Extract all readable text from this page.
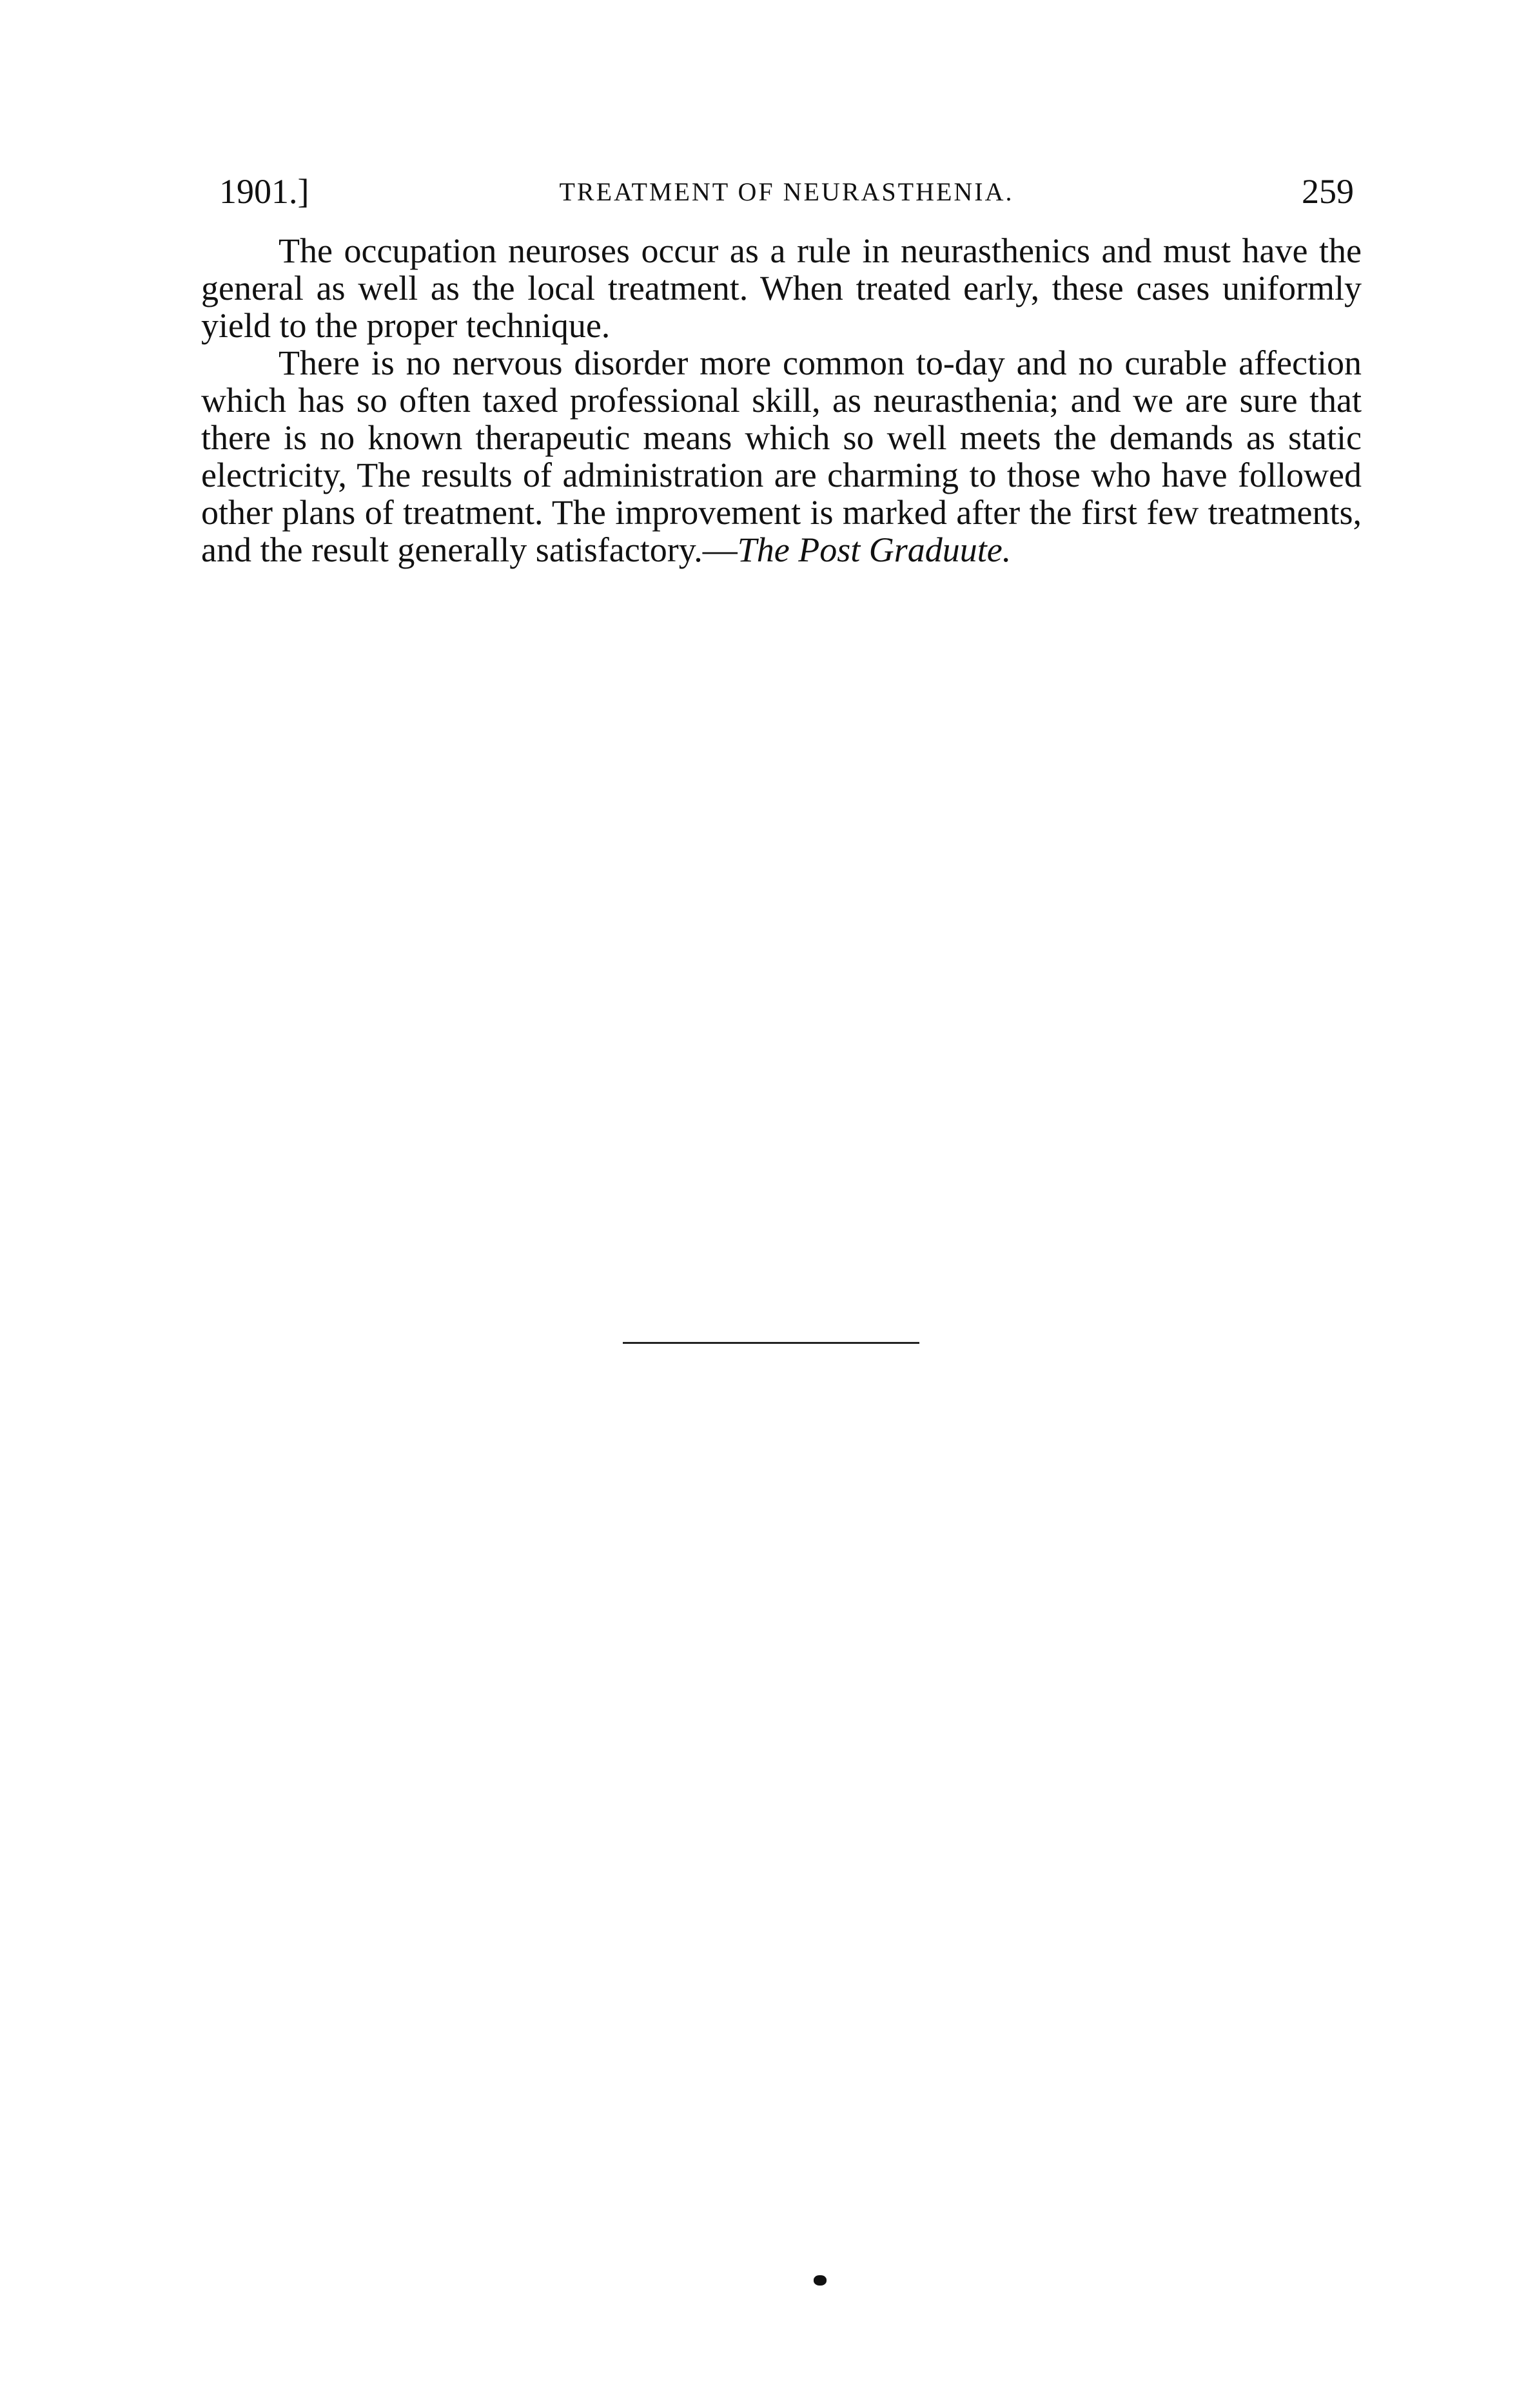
1901.]	TREATMENT OF NEURASTHENIA.	259

The occupation neuroses occur as a rule in neurasthenics and must have the general as well as the local treatment. When treated early, these cases uniformly yield to the proper technique.

There is no nervous disorder more common to-day and no curable affection which has so often taxed professional skill, as neurasthenia; and we are sure that there is no known therapeutic means which so well meets the demands as static electricity, The results of administration are charming to those who have followed other plans of treatment. The improvement is marked after the first few treatments, and the result generally satisfactory.—The Post Graduute.
